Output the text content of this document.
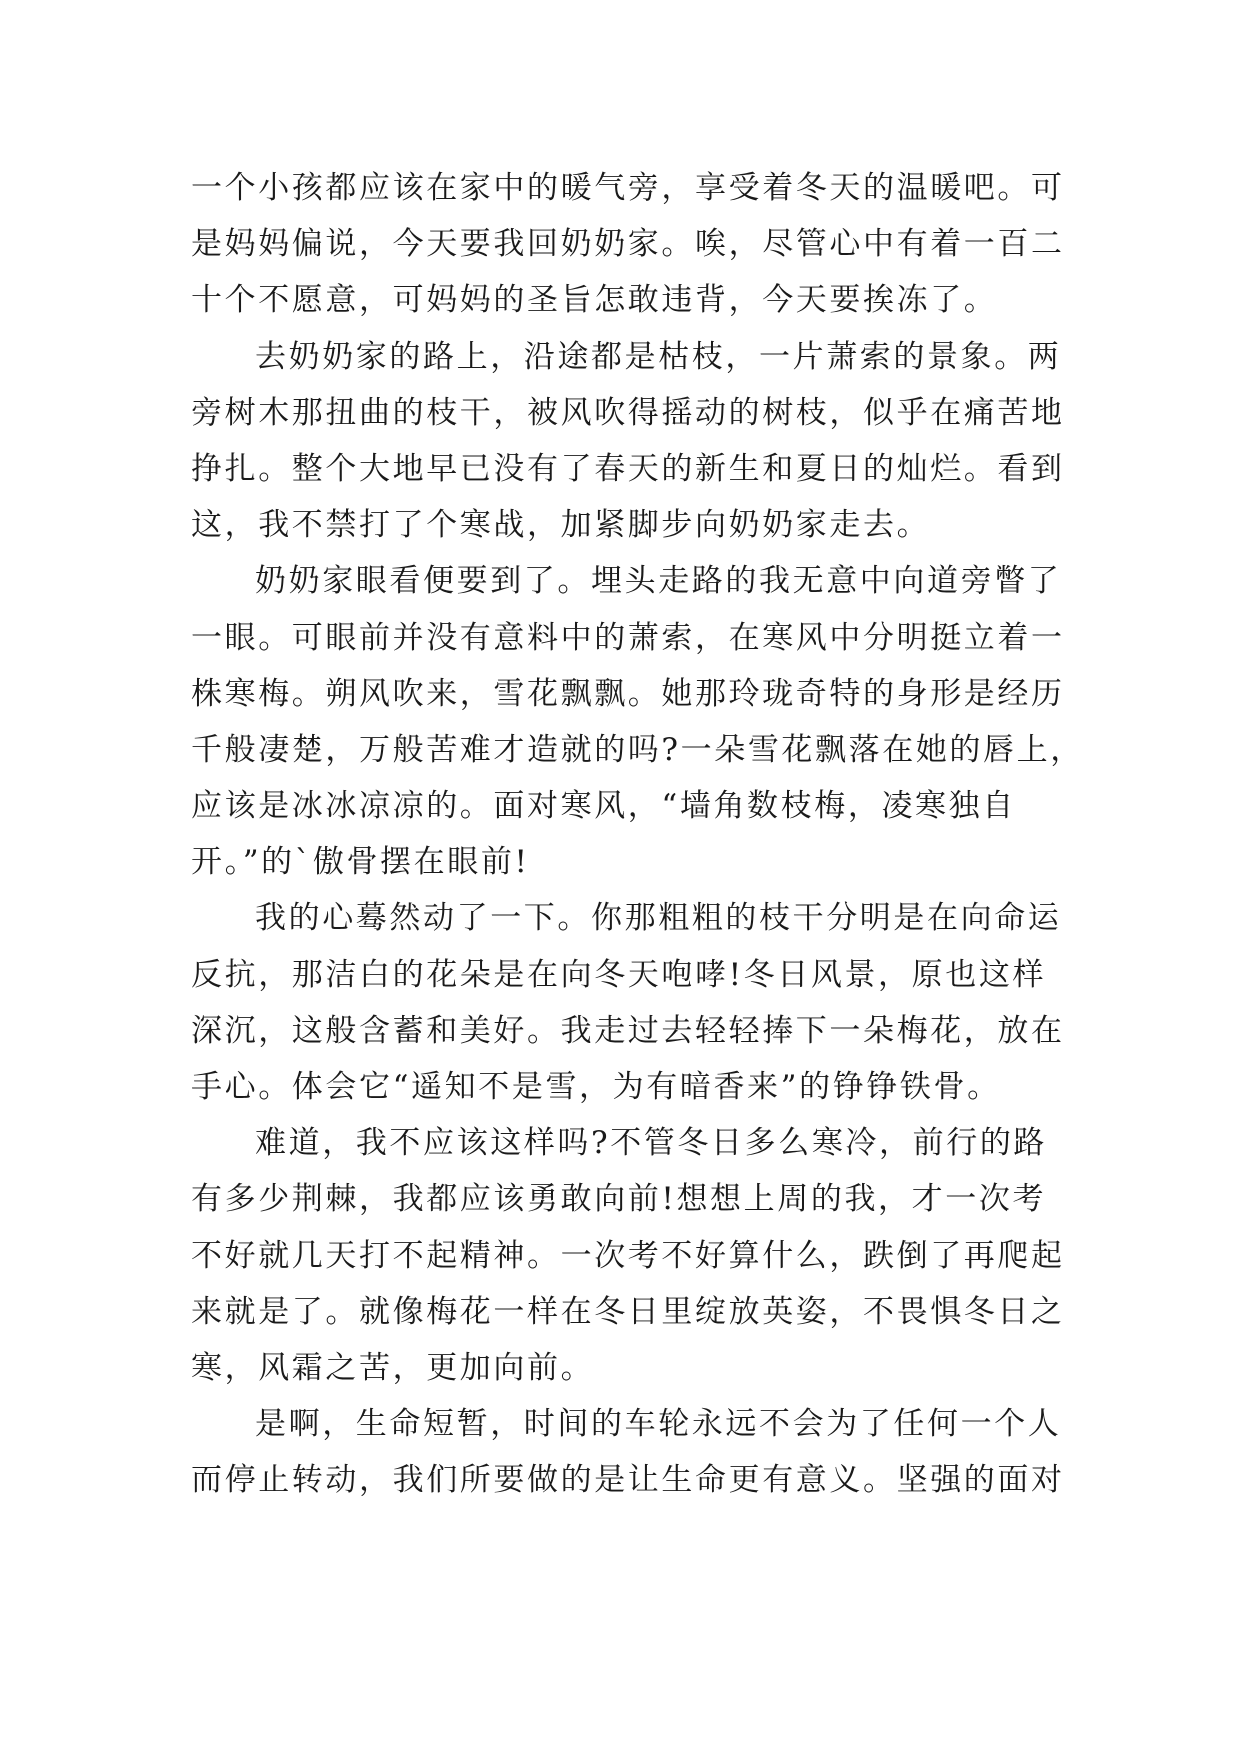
一个小孩都应该在家中的暖气旁，享受着冬天的温暖吧。可
是妈妈偏说，今天要我回奶奶家。唉，尽管心中有着一百二
十个不愿意，可妈妈的圣旨怎敢违背，今天要挨冻了。
去奶奶家的路上，沿途都是枯枝，一片萧索的景象。两
旁树木那扭曲的枝干，被风吹得摇动的树枝，似乎在痛苦地
挣扎。整个大地早已没有了春天的新生和夏日的灿烂。看到
这，我不禁打了个寒战，加紧脚步向奶奶家走去。
奶奶家眼看便要到了。埋头走路的我无意中向道旁瞥了
一眼。可眼前并没有意料中的萧索，在寒风中分明挺立着一
株寒梅。朔风吹来，雪花飘飘。她那玲珑奇特的身形是经历
千般凄楚，万般苦难才造就的吗?一朵雪花飘落在她的唇上，
应该是冰冰凉凉的。面对寒风，“墙角数枝梅，凌寒独自
开。”的`傲骨摆在眼前!
我的心蓦然动了一下。你那粗粗的枝干分明是在向命运
反抗，那洁白的花朵是在向冬天咆哮!冬日风景，原也这样
深沉，这般含蓄和美好。我走过去轻轻捧下一朵梅花，放在
手心。体会它“遥知不是雪，为有暗香来”的铮铮铁骨。
难道，我不应该这样吗?不管冬日多么寒冷，前行的路
有多少荆棘，我都应该勇敢向前!想想上周的我，才一次考
不好就几天打不起精神。一次考不好算什么，跌倒了再爬起
来就是了。就像梅花一样在冬日里绽放英姿，不畏惧冬日之
寒，风霜之苦，更加向前。
是啊，生命短暂，时间的车轮永远不会为了任何一个人
而停止转动，我们所要做的是让生命更有意义。坚强的面对
